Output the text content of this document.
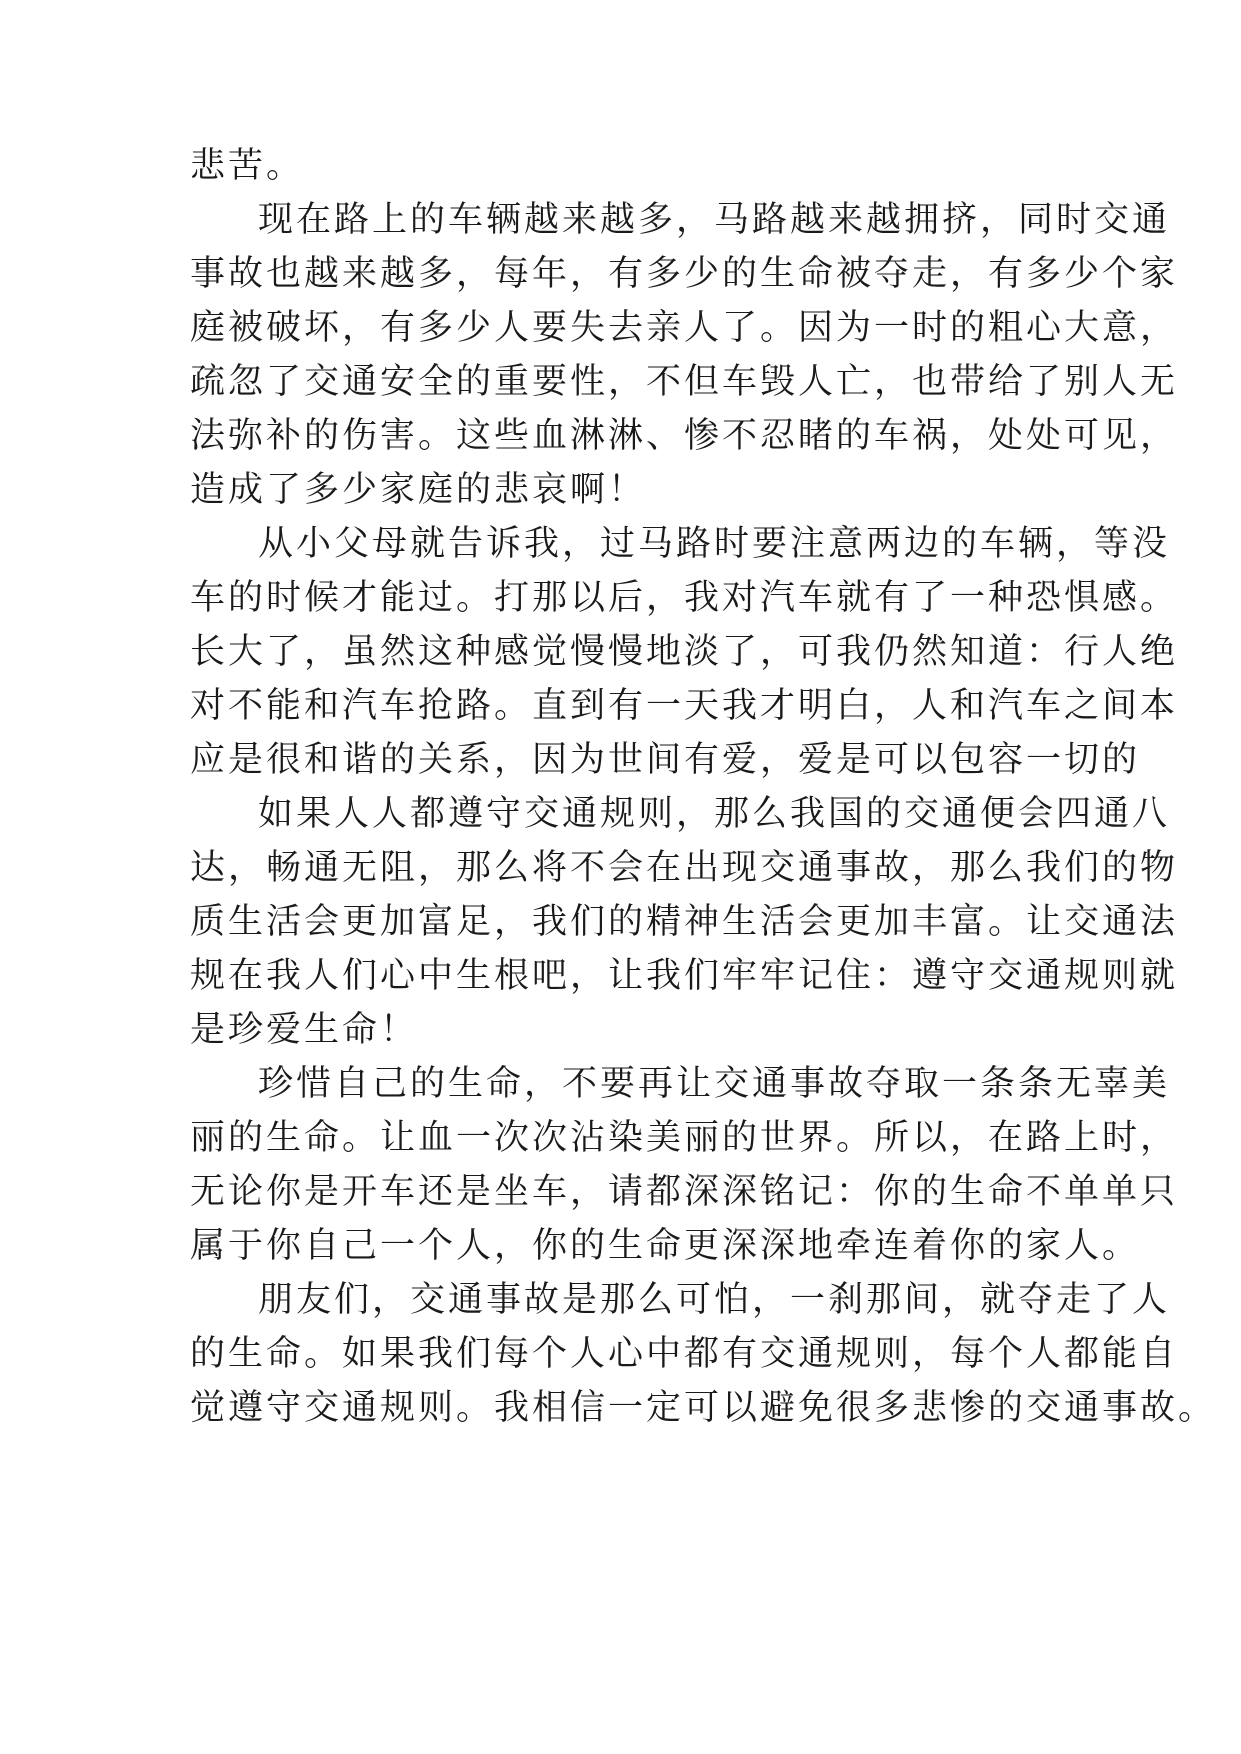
悲苦。
现在路上的车辆越来越多，马路越来越拥挤，同时交通
事故也越来越多，每年，有多少的生命被夺走，有多少个家
庭被破坏，有多少人要失去亲人了。因为一时的粗心大意，
疏忽了交通安全的重要性，不但车毁人亡，也带给了别人无
法弥补的伤害。这些血淋淋、惨不忍睹的车祸，处处可见，
造成了多少家庭的悲哀啊！
从小父母就告诉我，过马路时要注意两边的车辆，等没
车的时候才能过。打那以后，我对汽车就有了一种恐惧感。
长大了，虽然这种感觉慢慢地淡了，可我仍然知道：行人绝
对不能和汽车抢路。直到有一天我才明白，人和汽车之间本
应是很和谐的关系，因为世间有爱，爱是可以包容一切的
如果人人都遵守交通规则，那么我国的交通便会四通八
达，畅通无阻，那么将不会在出现交通事故，那么我们的物
质生活会更加富足，我们的精神生活会更加丰富。让交通法
规在我人们心中生根吧，让我们牢牢记住：遵守交通规则就
是珍爱生命！
珍惜自己的生命，不要再让交通事故夺取一条条无辜美
丽的生命。让血一次次沾染美丽的世界。所以，在路上时，
无论你是开车还是坐车，请都深深铭记：你的生命不单单只
属于你自己一个人，你的生命更深深地牵连着你的家人。
朋友们，交通事故是那么可怕，一刹那间，就夺走了人
的生命。如果我们每个人心中都有交通规则，每个人都能自
觉遵守交通规则。我相信一定可以避免很多悲惨的交通事故。
